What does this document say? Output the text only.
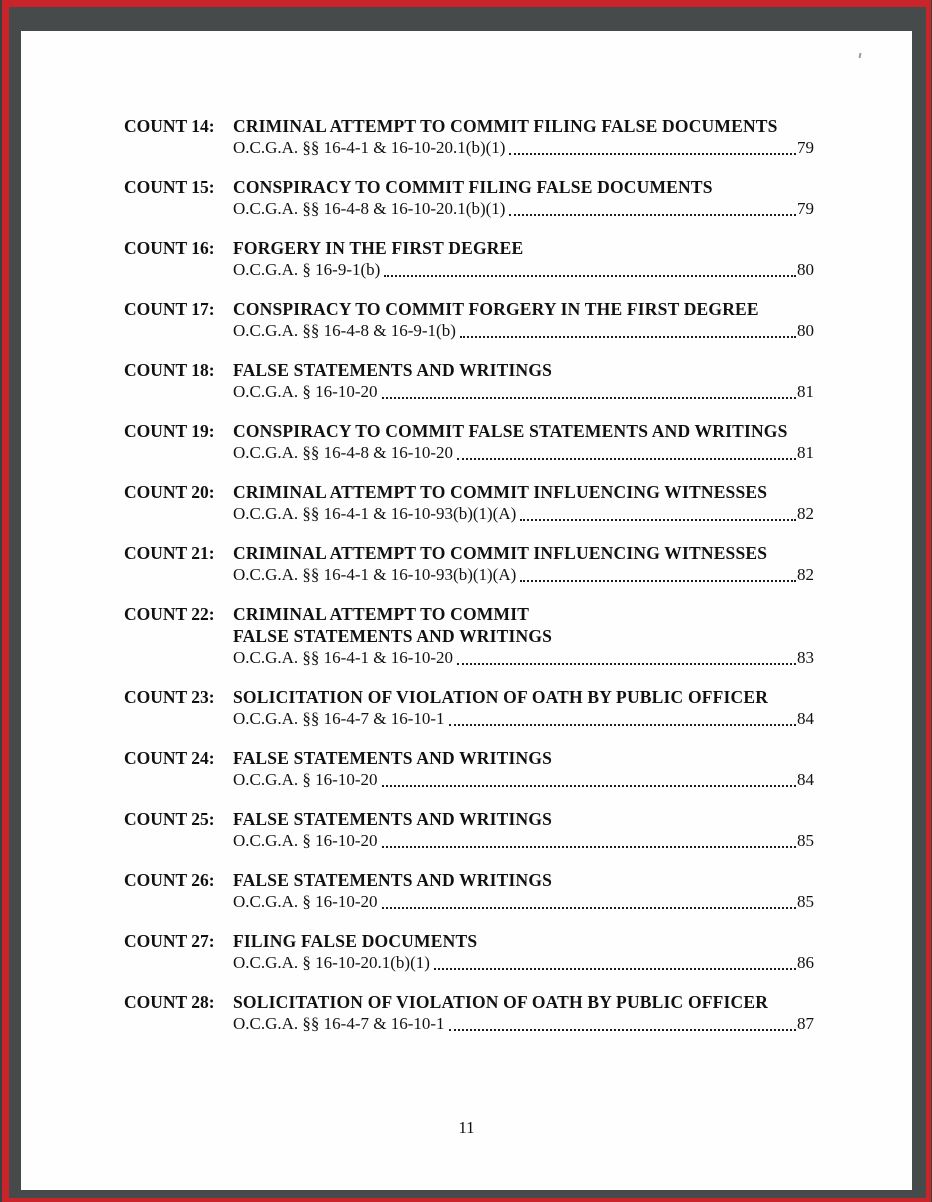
COUNT 14:	CRIMINAL ATTEMPT TO COMMIT FILING FALSE DOCUMENTS
O.C.G.A. §§ 16-4-1 & 16-10-20.1(b)(1)	79
COUNT 15:	CONSPIRACY TO COMMIT FILING FALSE DOCUMENTS
O.C.G.A. §§ 16-4-8 & 16-10-20.1(b)(1)	79
COUNT 16:	FORGERY IN THE FIRST DEGREE
O.C.G.A. § 16-9-1(b)	80
COUNT 17:	CONSPIRACY TO COMMIT FORGERY IN THE FIRST DEGREE
O.C.G.A. §§ 16-4-8 & 16-9-1(b)	80
COUNT 18:	FALSE STATEMENTS AND WRITINGS
O.C.G.A. § 16-10-20	81
COUNT 19:	CONSPIRACY TO COMMIT FALSE STATEMENTS AND WRITINGS
O.C.G.A. §§ 16-4-8 & 16-10-20	81
COUNT 20:	CRIMINAL ATTEMPT TO COMMIT INFLUENCING WITNESSES
O.C.G.A. §§ 16-4-1 & 16-10-93(b)(1)(A)	82
COUNT 21:	CRIMINAL ATTEMPT TO COMMIT INFLUENCING WITNESSES
O.C.G.A. §§ 16-4-1 & 16-10-93(b)(1)(A)	82
COUNT 22:	CRIMINAL ATTEMPT TO COMMIT
FALSE STATEMENTS AND WRITINGS
O.C.G.A. §§ 16-4-1 & 16-10-20	83
COUNT 23:	SOLICITATION OF VIOLATION OF OATH BY PUBLIC OFFICER
O.C.G.A. §§ 16-4-7 & 16-10-1	84
COUNT 24:	FALSE STATEMENTS AND WRITINGS
O.C.G.A. § 16-10-20	84
COUNT 25:	FALSE STATEMENTS AND WRITINGS
O.C.G.A. § 16-10-20	85
COUNT 26:	FALSE STATEMENTS AND WRITINGS
O.C.G.A. § 16-10-20	85
COUNT 27:	FILING FALSE DOCUMENTS
O.C.G.A. § 16-10-20.1(b)(1)	86
COUNT 28:	SOLICITATION OF VIOLATION OF OATH BY PUBLIC OFFICER
O.C.G.A. §§ 16-4-7 & 16-10-1	87
11
